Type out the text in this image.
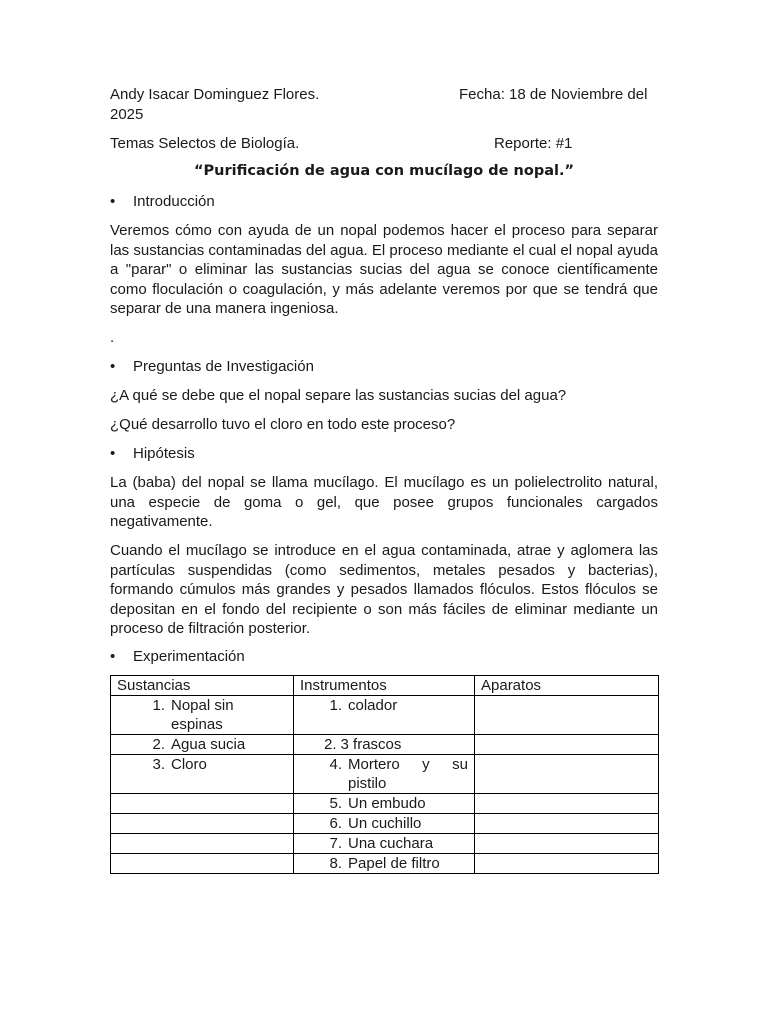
Andy Isacar Dominguez Flores.	Fecha: 18 de Noviembre del
2025
Temas Selectos de Biología.	Reporte: #1
“Purificación de agua con mucílago de nopal.”
• Introducción
Veremos cómo con ayuda de un nopal podemos hacer el proceso para separar las sustancias contaminadas del agua. El proceso mediante el cual el nopal ayuda a "parar" o eliminar las sustancias sucias del agua se conoce científicamente como floculación o coagulación, y más adelante veremos por que se tendrá que separar de una manera ingeniosa.
.
• Preguntas de Investigación
¿A qué se debe que el nopal separe las sustancias sucias del agua?
¿Qué desarrollo tuvo el cloro en todo este proceso?
• Hipótesis
La (baba) del nopal se llama mucílago. El mucílago es un polielectrolito natural, una especie de goma o gel, que posee grupos funcionales cargados negativamente.
Cuando el mucílago se introduce en el agua contaminada, atrae y aglomera las partículas suspendidas (como sedimentos, metales pesados y bacterias), formando cúmulos más grandes y pesados llamados flóculos. Estos flóculos se depositan en el fondo del recipiente o son más fáciles de eliminar mediante un proceso de filtración posterior.
• Experimentación
Sustancias	Instrumentos	Aparatos

1. Nopal sin espinas	1. colador	

2. Agua sucia	2. 3 frascos	

3. Cloro	4. Mortero y su pistilo	

	5. Un embudo	

	6. Un cuchillo	

	7. Una cuchara	

	8. Papel de filtro	
